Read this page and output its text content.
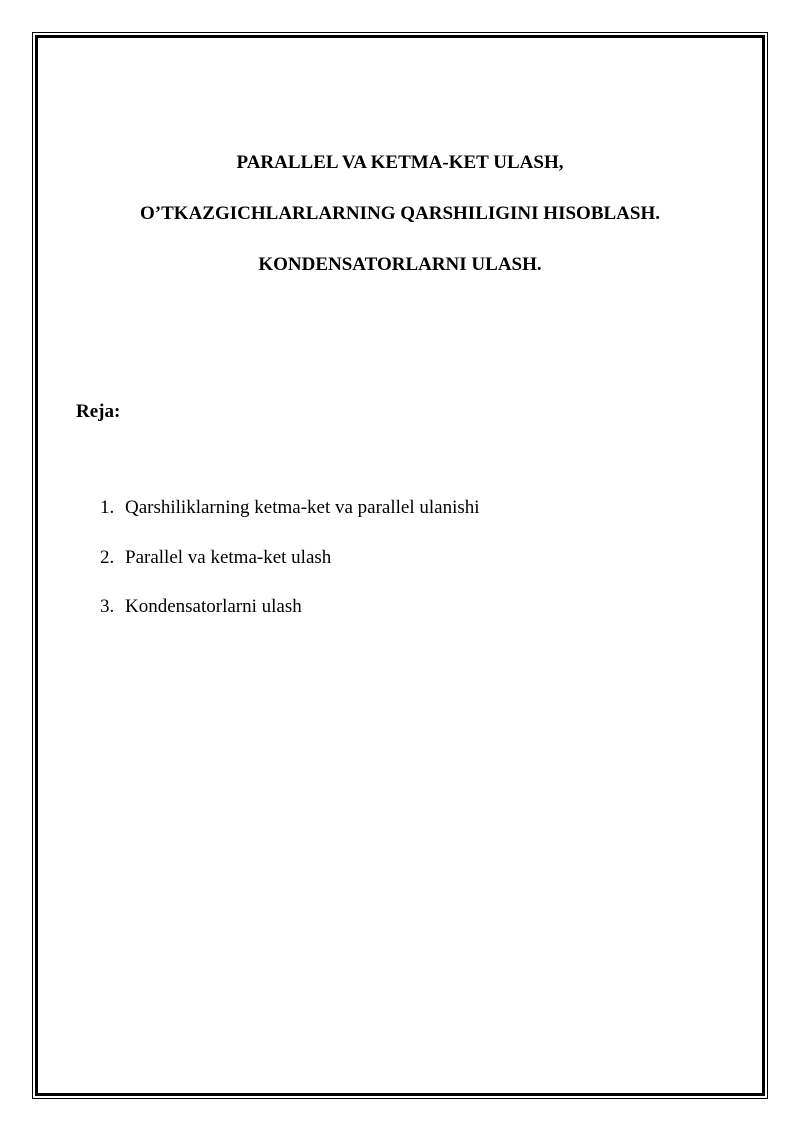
PARALLEL VA KETMA-KET ULASH,
O’TKAZGICHLARLARNING QARSHILIGINI HISOBLASH.
KONDENSATORLARNI ULASH.
Reja:
1. Qarshiliklarning ketma-ket va parallel ulanishi
2. Parallel va ketma-ket ulash
3. Kondensatorlarni ulash
